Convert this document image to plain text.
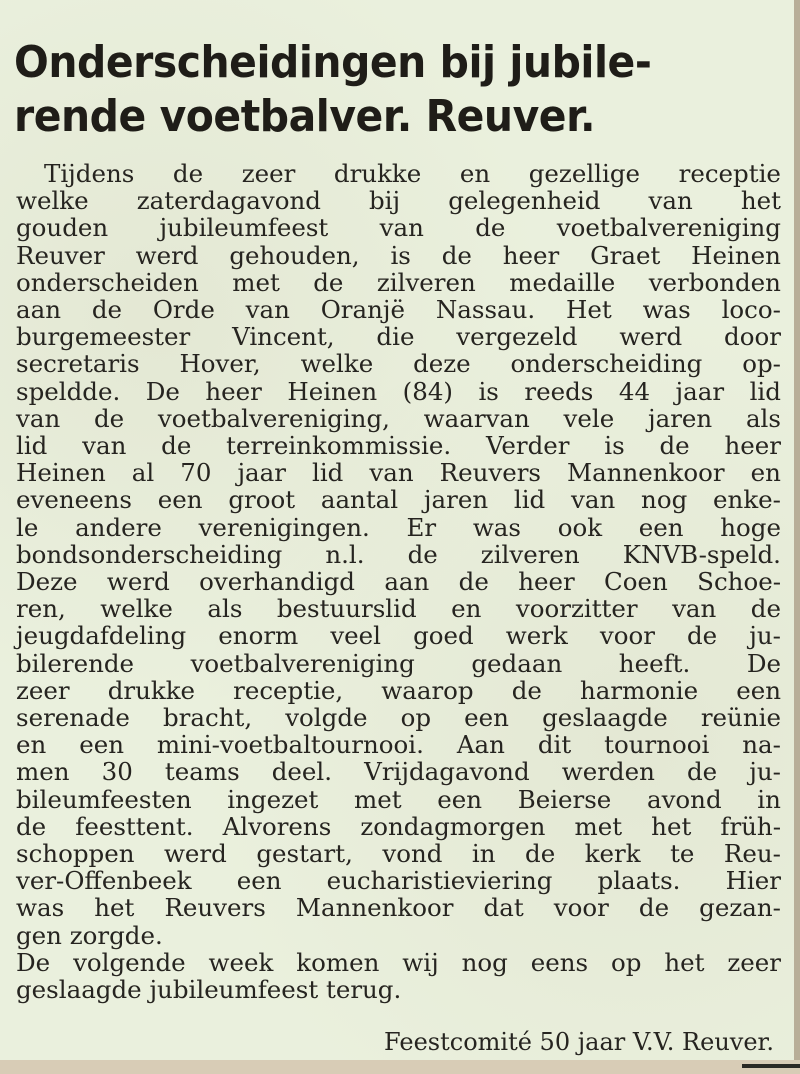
Onderscheidingen bij jubile-
rende voetbalver. Reuver.
Tijdens de zeer drukke en gezellige receptie
welke zaterdagavond bij gelegenheid van het
gouden jubileumfeest van de voetbalvereniging
Reuver werd gehouden, is de heer Graet Heinen
onderscheiden met de zilveren medaille verbonden
aan de Orde van Oranjë Nassau. Het was loco-
burgemeester Vincent, die vergezeld werd door
secretaris Hover, welke deze onderscheiding op-
speldde. De heer Heinen (84) is reeds 44 jaar lid
van de voetbalvereniging, waarvan vele jaren als
lid van de terreinkommissie. Verder is de heer
Heinen al 70 jaar lid van Reuvers Mannenkoor en
eveneens een groot aantal jaren lid van nog enke-
le andere verenigingen. Er was ook een hoge
bondsonderscheiding n.l. de zilveren KNVB-speld.
Deze werd overhandigd aan de heer Coen Schoe-
ren, welke als bestuurslid en voorzitter van de
jeugdafdeling enorm veel goed werk voor de ju-
bilerende voetbalvereniging gedaan heeft. De
zeer drukke receptie, waarop de harmonie een
serenade bracht, volgde op een geslaagde reünie
en een mini-voetbaltournooi. Aan dit tournooi na-
men 30 teams deel. Vrijdagavond werden de ju-
bileumfeesten ingezet met een Beierse avond in
de feesttent. Alvorens zondagmorgen met het früh-
schoppen werd gestart, vond in de kerk te Reu-
ver-Offenbeek een eucharistieviering plaats. Hier
was het Reuvers Mannenkoor dat voor de gezan-
gen zorgde.
De volgende week komen wij nog eens op het zeer
geslaagde jubileumfeest terug.
Feestcomité 50 jaar V.V. Reuver.
